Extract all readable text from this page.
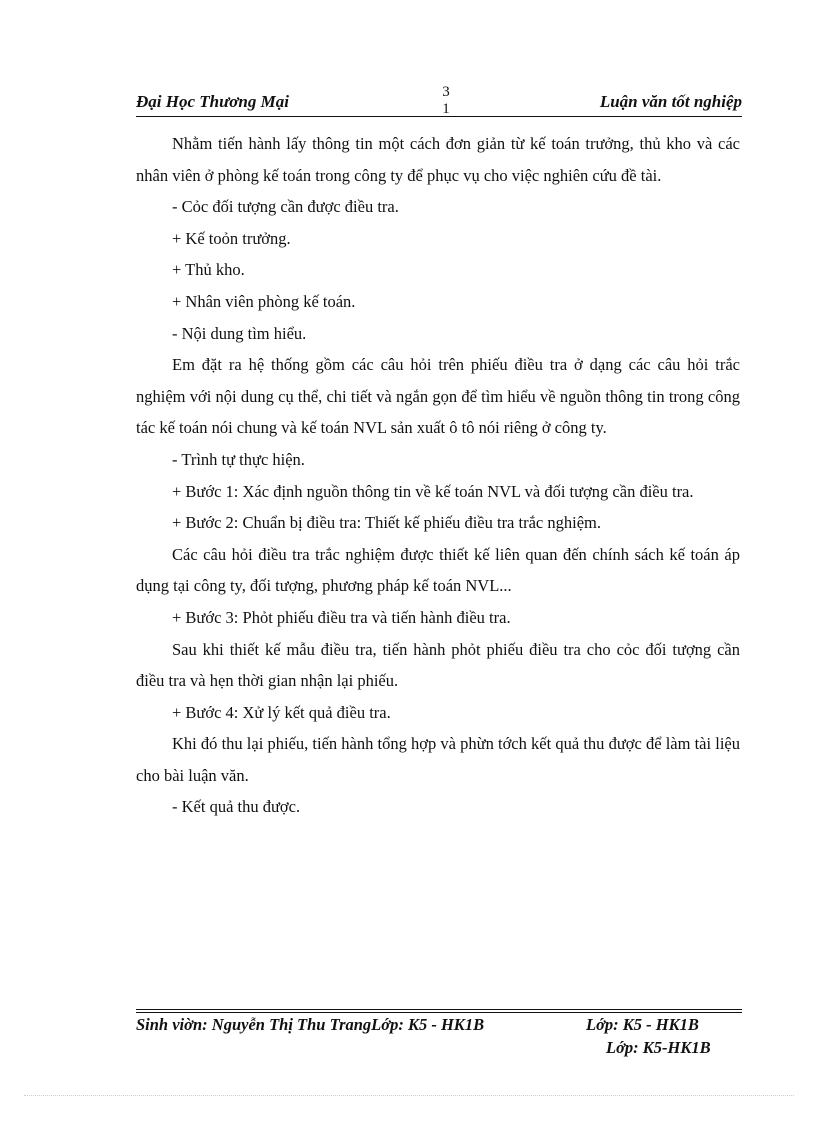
Đại Học Thương Mại	3
1	Luận văn tốt nghiệp

Nhằm tiến hành lấy thông tin một cách đơn giản từ kế toán trưởng, thủ kho và các nhân viên ở phòng kế toán trong công ty để phục vụ cho việc nghiên cứu đề tài.

- Cỏc đối tượng cần được điều tra.

+ Kế toỏn trưởng.

+ Thủ kho.

+ Nhân viên phòng kế toán.

- Nội dung tìm hiểu.

Em đặt ra hệ thống gồm các câu hỏi trên phiếu điều tra ở dạng các câu hỏi trắc nghiệm với nội dung cụ thể, chi tiết và ngắn gọn để tìm hiểu về nguồn thông tin trong công tác kế toán nói chung và kế toán NVL sản xuất ô tô nói riêng ở công ty.

- Trình tự thực hiện.

+ Bước 1: Xác định nguồn thông tin về kế toán NVL và đối tượng cần điều tra.

+ Bước 2: Chuẩn bị điều tra: Thiết kế phiếu điều tra trắc nghiệm.

Các câu hỏi điều tra trắc nghiệm được thiết kế liên quan đến chính sách kế toán áp dụng tại công ty, đối tượng, phương pháp kế toán NVL...

+ Bước 3: Phỏt phiếu điều tra và tiến hành điều tra.

Sau khi thiết kế mẫu điều tra, tiến hành phỏt phiếu điều tra cho cỏc đối tượng cần điều tra và hẹn thời gian nhận lại phiếu.

+ Bước 4: Xử lý kết quả điều tra.

Khi đó thu lại phiếu, tiến hành tổng hợp và phừn tớch kết quả thu được để làm tài liệu cho bài luận văn.

- Kết quả thu được.

Sinh viờn: Nguyễn Thị Thu TrangLớp: K5 - HK1B	Lớp: K5 - HK1B
Lớp: K5-HK1B
